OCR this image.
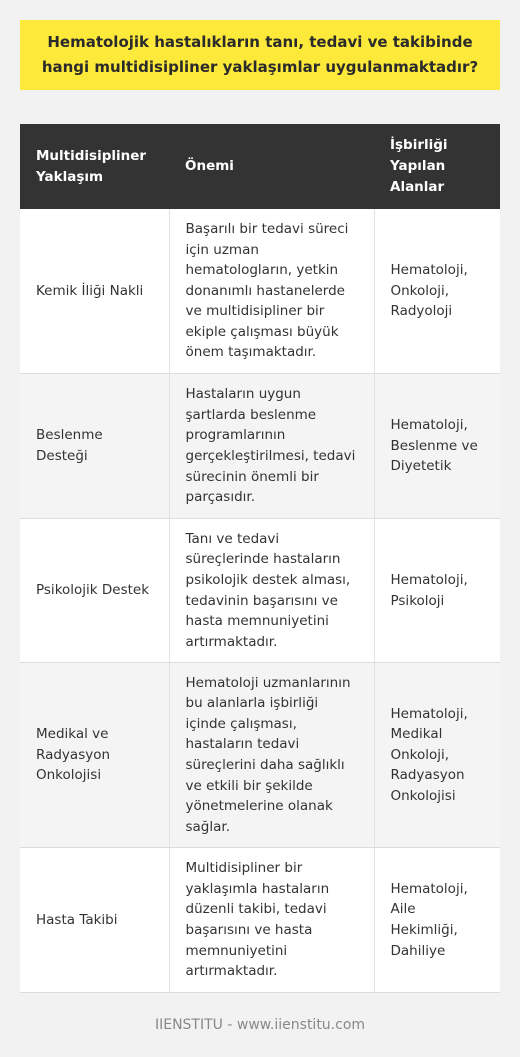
Hematolojik hastalıkların tanı, tedavi ve takibinde hangi multidisipliner yaklaşımlar uygulanmaktadır?
Multidisipliner Yaklaşım	Önemi	İşbirliği Yapılan Alanlar
Kemik İliği Nakli	Başarılı bir tedavi süreci için uzman hematologların, yetkin donanımlı hastanelerde ve multidisipliner bir ekiple çalışması büyük önem taşımaktadır.	Hematoloji, Onkoloji, Radyoloji
Beslenme Desteği	Hastaların uygun şartlarda beslenme programlarının gerçekleştirilmesi, tedavi sürecinin önemli bir parçasıdır.	Hematoloji, Beslenme ve Diyetetik
Psikolojik Destek	Tanı ve tedavi süreçlerinde hastaların psikolojik destek alması, tedavinin başarısını ve hasta memnuniyetini artırmaktadır.	Hematoloji, Psikoloji
Medikal ve Radyasyon Onkolojisi	Hematoloji uzmanlarının bu alanlarla işbirliği içinde çalışması, hastaların tedavi süreçlerini daha sağlıklı ve etkili bir şekilde yönetmelerine olanak sağlar.	Hematoloji, Medikal Onkoloji, Radyasyon Onkolojisi
Hasta Takibi	Multidisipliner bir yaklaşımla hastaların düzenli takibi, tedavi başarısını ve hasta memnuniyetini artırmaktadır.	Hematoloji, Aile Hekimliği, Dahiliye
IIENSTITU - www.iienstitu.com
